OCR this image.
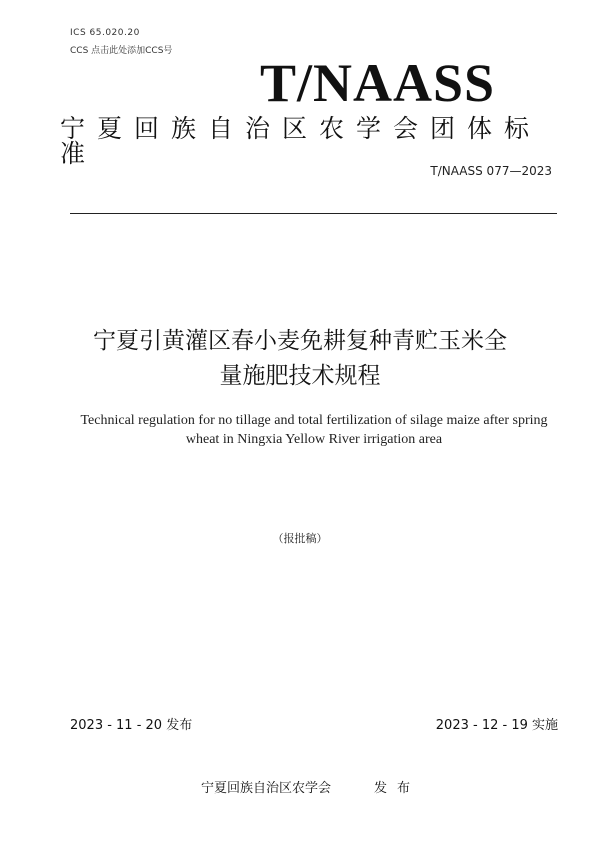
ICS 65.020.20
CCS 点击此处添加CCS号
T/NAASS
宁夏回族自治区农学会团体标准
T/NAASS 077—2023
宁夏引黄灌区春小麦免耕复种青贮玉米全
量施肥技术规程
Technical regulation for no tillage and total fertilization of silage maize after spring
wheat in Ningxia Yellow River irrigation area
（报批稿）
2023 - 11 - 20 发布	2023 - 12 - 19 实施
宁夏回族自治区农学会	发布
